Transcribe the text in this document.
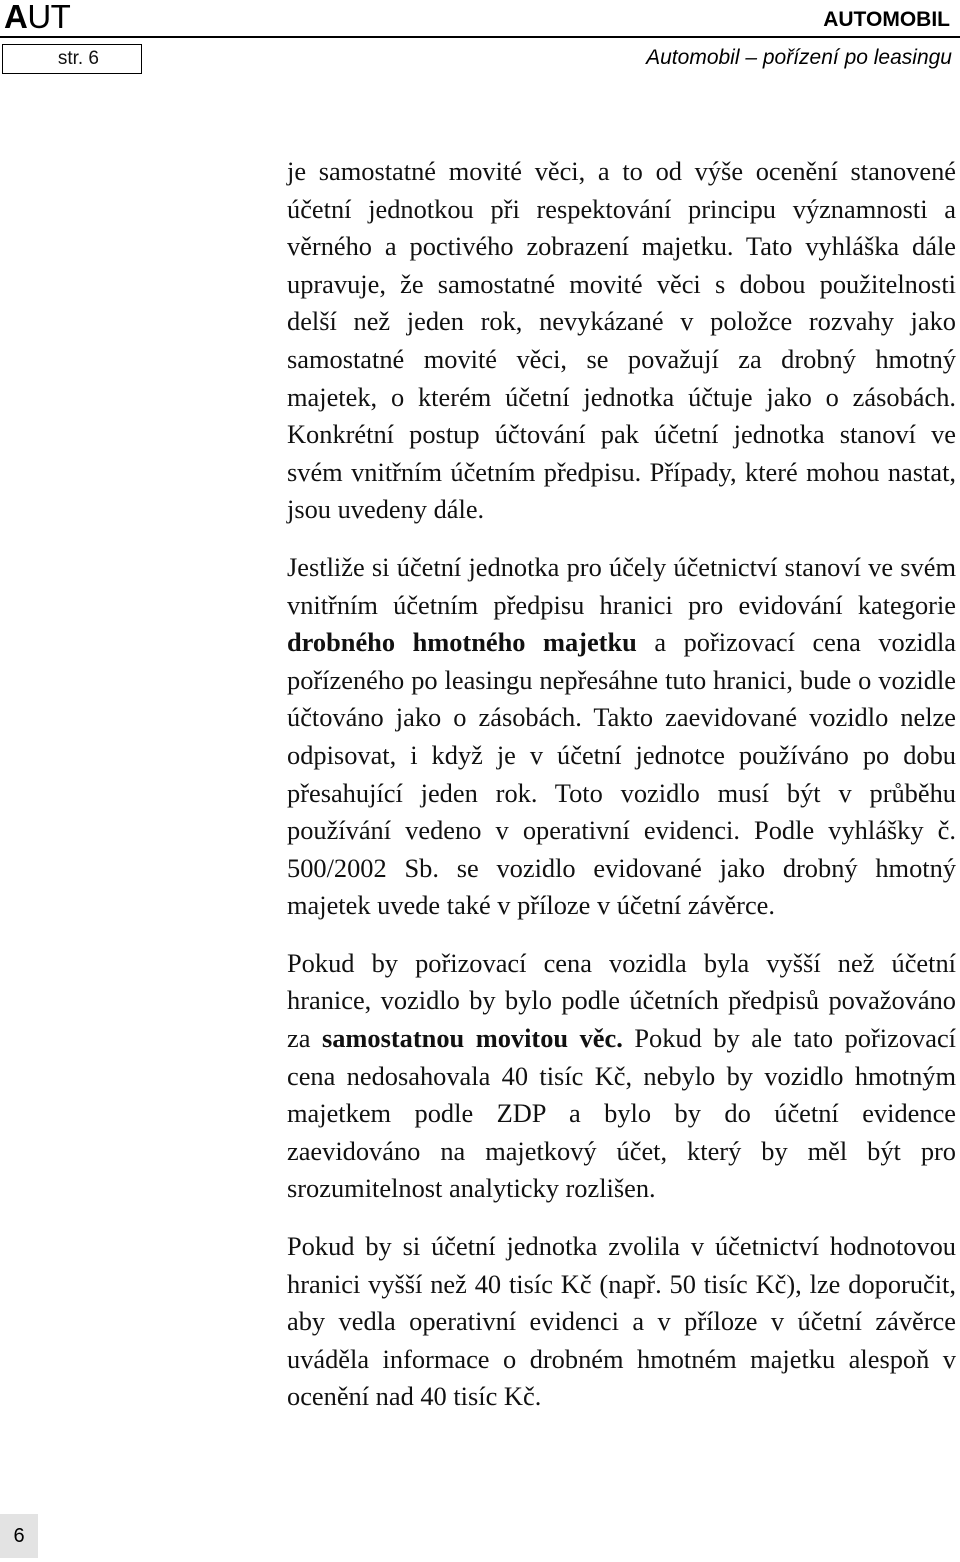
AUT	AUTOMOBIL
str. 6	Automobil – pořízení po leasingu

je samostatné movité věci, a to od výše ocenění stanovené účetní jednotkou při respektování principu významnosti a věrného a poctivého zobrazení majetku. Tato vyhláška dále upravuje, že samostatné movité věci s dobou použitelnosti delší než jeden rok, nevykázané v položce rozvahy jako samostatné movité věci, se považují za drobný hmotný majetek, o kterém účetní jednotka účtuje jako o zásobách. Konkrétní postup účtování pak účetní jednotka stanoví ve svém vnitřním účetním předpisu. Případy, které mohou nastat, jsou uvedeny dále.

Jestliže si účetní jednotka pro účely účetnictví stanoví ve svém vnitřním účetním předpisu hranici pro evidování kategorie drobného hmotného majetku a pořizovací cena vozidla pořízeného po leasingu nepřesáhne tuto hranici, bude o vozidle účtováno jako o zásobách. Takto zaevidované vozidlo nelze odpisovat, i když je v účetní jednotce používáno po dobu přesahující jeden rok. Toto vozidlo musí být v průběhu používání vedeno v operativní evidenci. Podle vyhlášky č. 500/2002 Sb. se vozidlo evidované jako drobný hmotný majetek uvede také v příloze v účetní závěrce.

Pokud by pořizovací cena vozidla byla vyšší než účetní hranice, vozidlo by bylo podle účetních předpisů považováno za samostatnou movitou věc. Pokud by ale tato pořizovací cena nedosahovala 40 tisíc Kč, nebylo by vozidlo hmotným majetkem podle ZDP a bylo by do účetní evidence zaevidováno na majetkový účet, který by měl být pro srozumitelnost analyticky rozlišen.

Pokud by si účetní jednotka zvolila v účetnictví hodnotovou hranici vyšší než 40 tisíc Kč (např. 50 tisíc Kč), lze doporučit, aby vedla operativní evidenci a v příloze v účetní závěrce uváděla informace o drobném hmotném majetku alespoň v ocenění nad 40 tisíc Kč.

6
